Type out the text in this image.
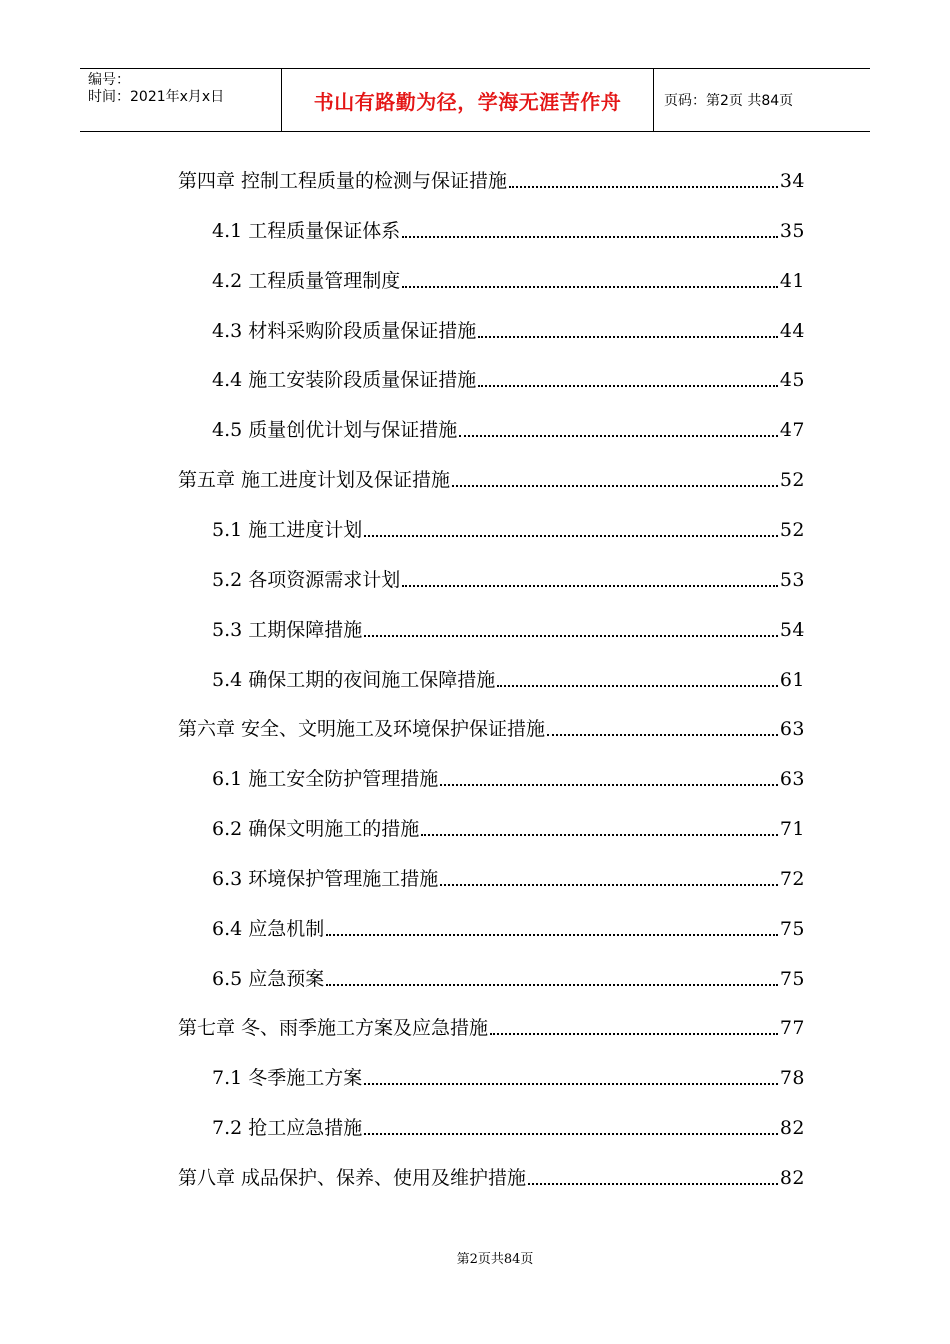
编号：
时间：2021年x月x日	书山有路勤为径，学海无涯苦作舟	页码：第2页 共84页
第四章 控制工程质量的检测与保证措施	34
4.1 工程质量保证体系	35
4.2 工程质量管理制度	41
4.3 材料采购阶段质量保证措施	44
4.4 施工安装阶段质量保证措施	45
4.5 质量创优计划与保证措施	47
第五章 施工进度计划及保证措施	52
5.1 施工进度计划	52
5.2 各项资源需求计划	53
5.3 工期保障措施	54
5.4 确保工期的夜间施工保障措施	61
第六章 安全、文明施工及环境保护保证措施	63
6.1 施工安全防护管理措施	63
6.2 确保文明施工的措施	71
6.3 环境保护管理施工措施	72
6.4 应急机制	75
6.5 应急预案	75
第七章 冬、雨季施工方案及应急措施	77
7.1 冬季施工方案	78
7.2 抢工应急措施	82
第八章 成品保护、保养、使用及维护措施	82
第2页共84页
